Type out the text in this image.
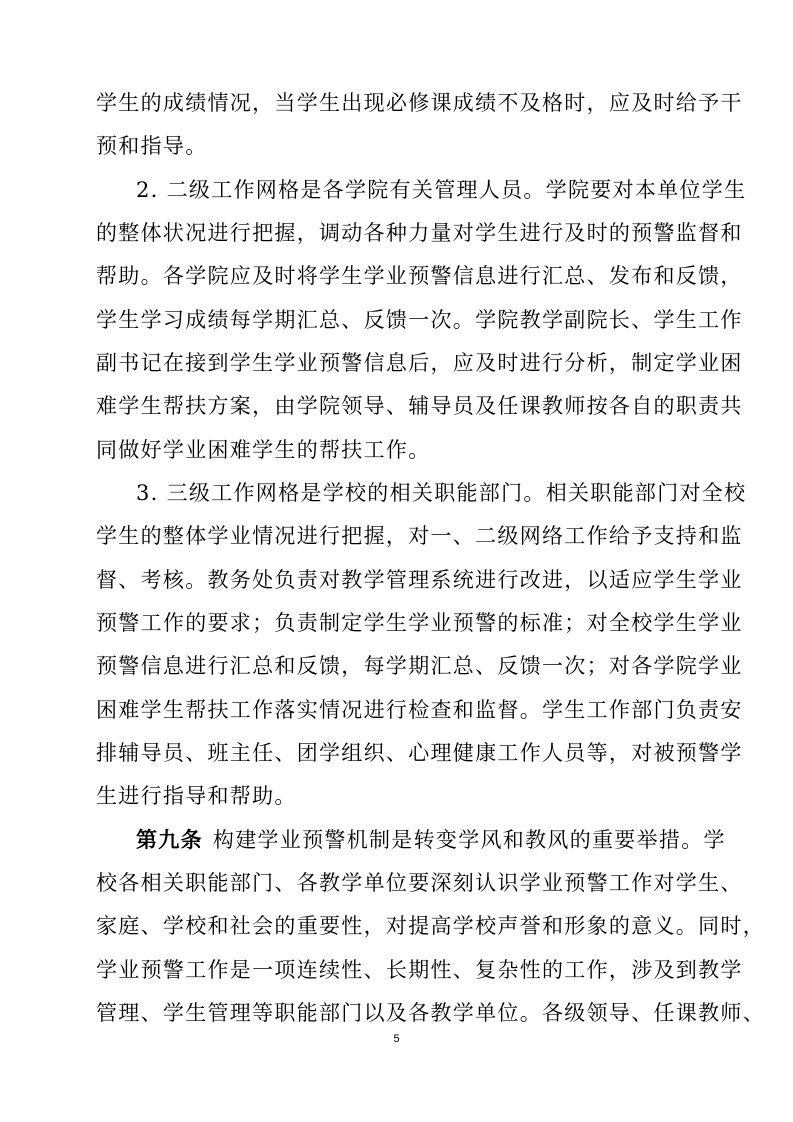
学生的成绩情况，当学生出现必修课成绩不及格时，应及时给予干
预和指导。
2. 二级工作网格是各学院有关管理人员。学院要对本单位学生
的整体状况进行把握，调动各种力量对学生进行及时的预警监督和
帮助。各学院应及时将学生学业预警信息进行汇总、发布和反馈，
学生学习成绩每学期汇总、反馈一次。学院教学副院长、学生工作
副书记在接到学生学业预警信息后，应及时进行分析，制定学业困
难学生帮扶方案，由学院领导、辅导员及任课教师按各自的职责共
同做好学业困难学生的帮扶工作。
3. 三级工作网格是学校的相关职能部门。相关职能部门对全校
学生的整体学业情况进行把握，对一、二级网络工作给予支持和监
督、考核。教务处负责对教学管理系统进行改进，以适应学生学业
预警工作的要求；负责制定学生学业预警的标准；对全校学生学业
预警信息进行汇总和反馈，每学期汇总、反馈一次；对各学院学业
困难学生帮扶工作落实情况进行检查和监督。学生工作部门负责安
排辅导员、班主任、团学组织、心理健康工作人员等，对被预警学
生进行指导和帮助。
第九条 构建学业预警机制是转变学风和教风的重要举措。学
校各相关职能部门、各教学单位要深刻认识学业预警工作对学生、
家庭、学校和社会的重要性，对提高学校声誉和形象的意义。同时，
学业预警工作是一项连续性、长期性、复杂性的工作，涉及到教学
管理、学生管理等职能部门以及各教学单位。各级领导、任课教师、
5
